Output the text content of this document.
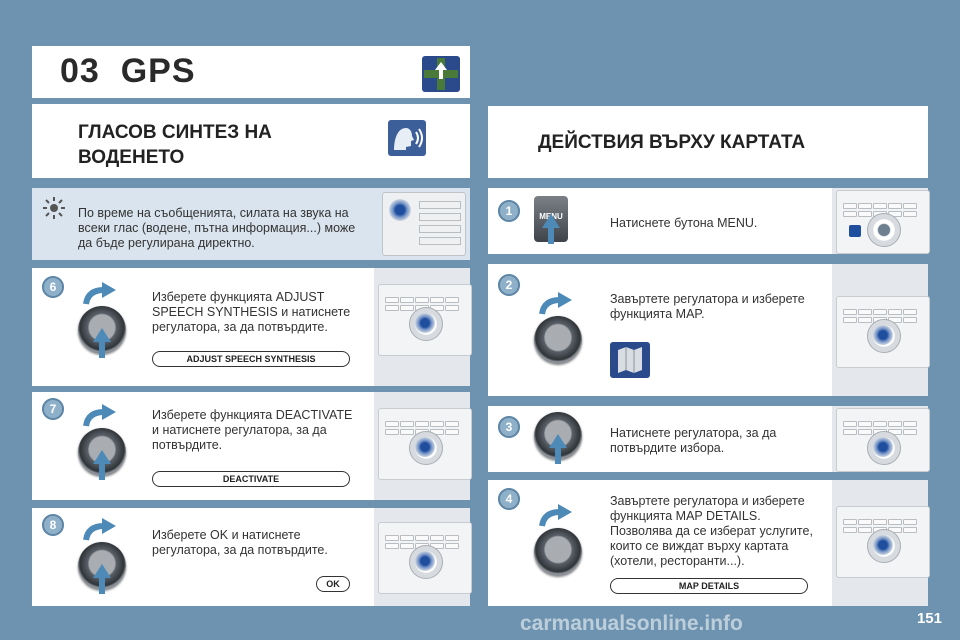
03 GPS
ГЛАСОВ СИНТЕЗ НА
ВОДЕНЕТО
ДЕЙСТВИЯ ВЪРХУ КАРТАТА
По време на съобщенията, силата на звука на
всеки глас (водене, пътна информация...) може
да бъде регулирана директно.
6
Изберете функцията ADJUST
SPEECH SYNTHESIS и натиснете
регулатора, за да потвърдите.
ADJUST SPEECH SYNTHESIS
7	Изберете функцията DEACTIVATE
и натиснете регулатора, за да
потвърдите.
DEACTIVATE
8
Изберете OK и натиснете
регулатора, за да потвърдите.
OK
1	MENU	Натиснете бутона MENU.
2
Завъртете регулатора и изберете
функцията MAP.
3	Натиснете регулатора, за да
потвърдите избора.
4	Завъртете регулатора и изберете
функцията MAP DETAILS.
Позволява да се изберат услугите,
които се виждат върху картата
(хотели, ресторанти...).
MAP DETAILS
carmanualsonline.info	151
